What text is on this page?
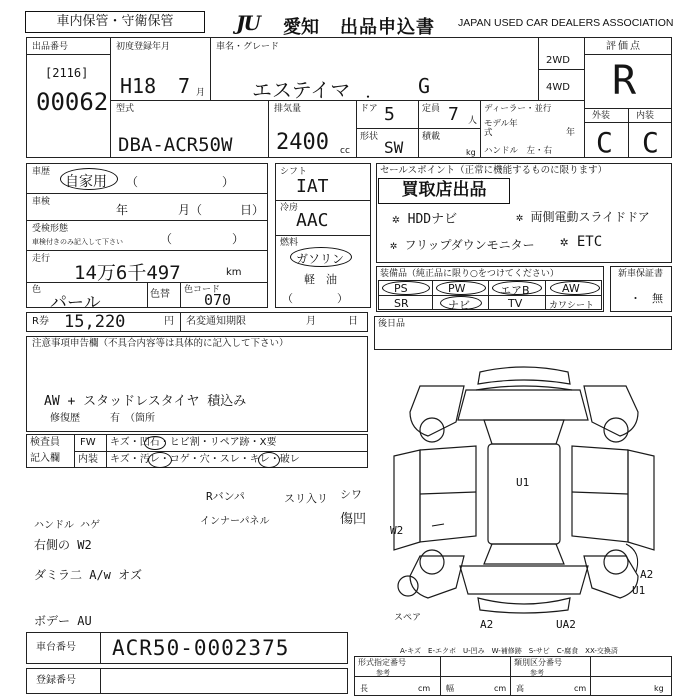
車内保管・守衛保管	JU 愛知 出品申込書 JAPAN USED CAR DEALERS ASSOCIATION
出品番号
[2116]
00062
初度登録年月
H18 7 月
車名・グレード
エステイマ	G
・
2WD
4WD
評価点
R
型式
DBA-ACR50W
排気量
2400 cc
ドア 5	定員 7 人
形状
SW
積載
kg
ディーラー・並行
モデル年式	年
ハンドル　左・右
外装	内装
C C
車歴
自家用 （　　　　　　　）
車検
年	月（	日）
受検形態
車検付きのみ記入して下さい	（　　　　　）
走行
14万6千497	km
色
パール	色替 色コード
070
シフト
IAT
冷房
AAC
燃料
ガソリン
軽　油
（　　　　）
セールスポイント（正常に機能するものに限ります）
買取店出品
✲ HDDナビ	✲ 両側電動スライドドア
✲ フリップダウンモニター ✲ ETC
装備品（純正品に限り○をつけてください）
PS	PW	エアB	AW
SR	ナビ	TV	カワシート
新車保証書
・　無
R券 15,220	円 名変通知期限	月	日 後日品
注意事項申告欄（不具合内容等は具体的に記入して下さい）
AW + スタッドレスタイヤ 積込み
修復歴	有　（箇所
検査員
記入欄
FW キズ・凹石・ヒビ割・リペア跡・X要
内装 キズ・汚レ・コゲ・穴・スレ・キレ・破レ
Rバンパ	スリ入リ シワ
インナーパネル	傷凹
ハンドル ハゲ
右側の W2
ダミラ二 A/w オズ
ボデー AU
U1
W2
A2
U1
A2	UA2
スペア
A-キズ　E-エクボ　U-凹み　W-補修跡　S-サビ　C-腐食　XX-交換済
車台番号 ACR50-0002375
登録番号
形式指定番号
参考
類別区分番号
参考
長	cm 幅	cm 高	cm	kg
